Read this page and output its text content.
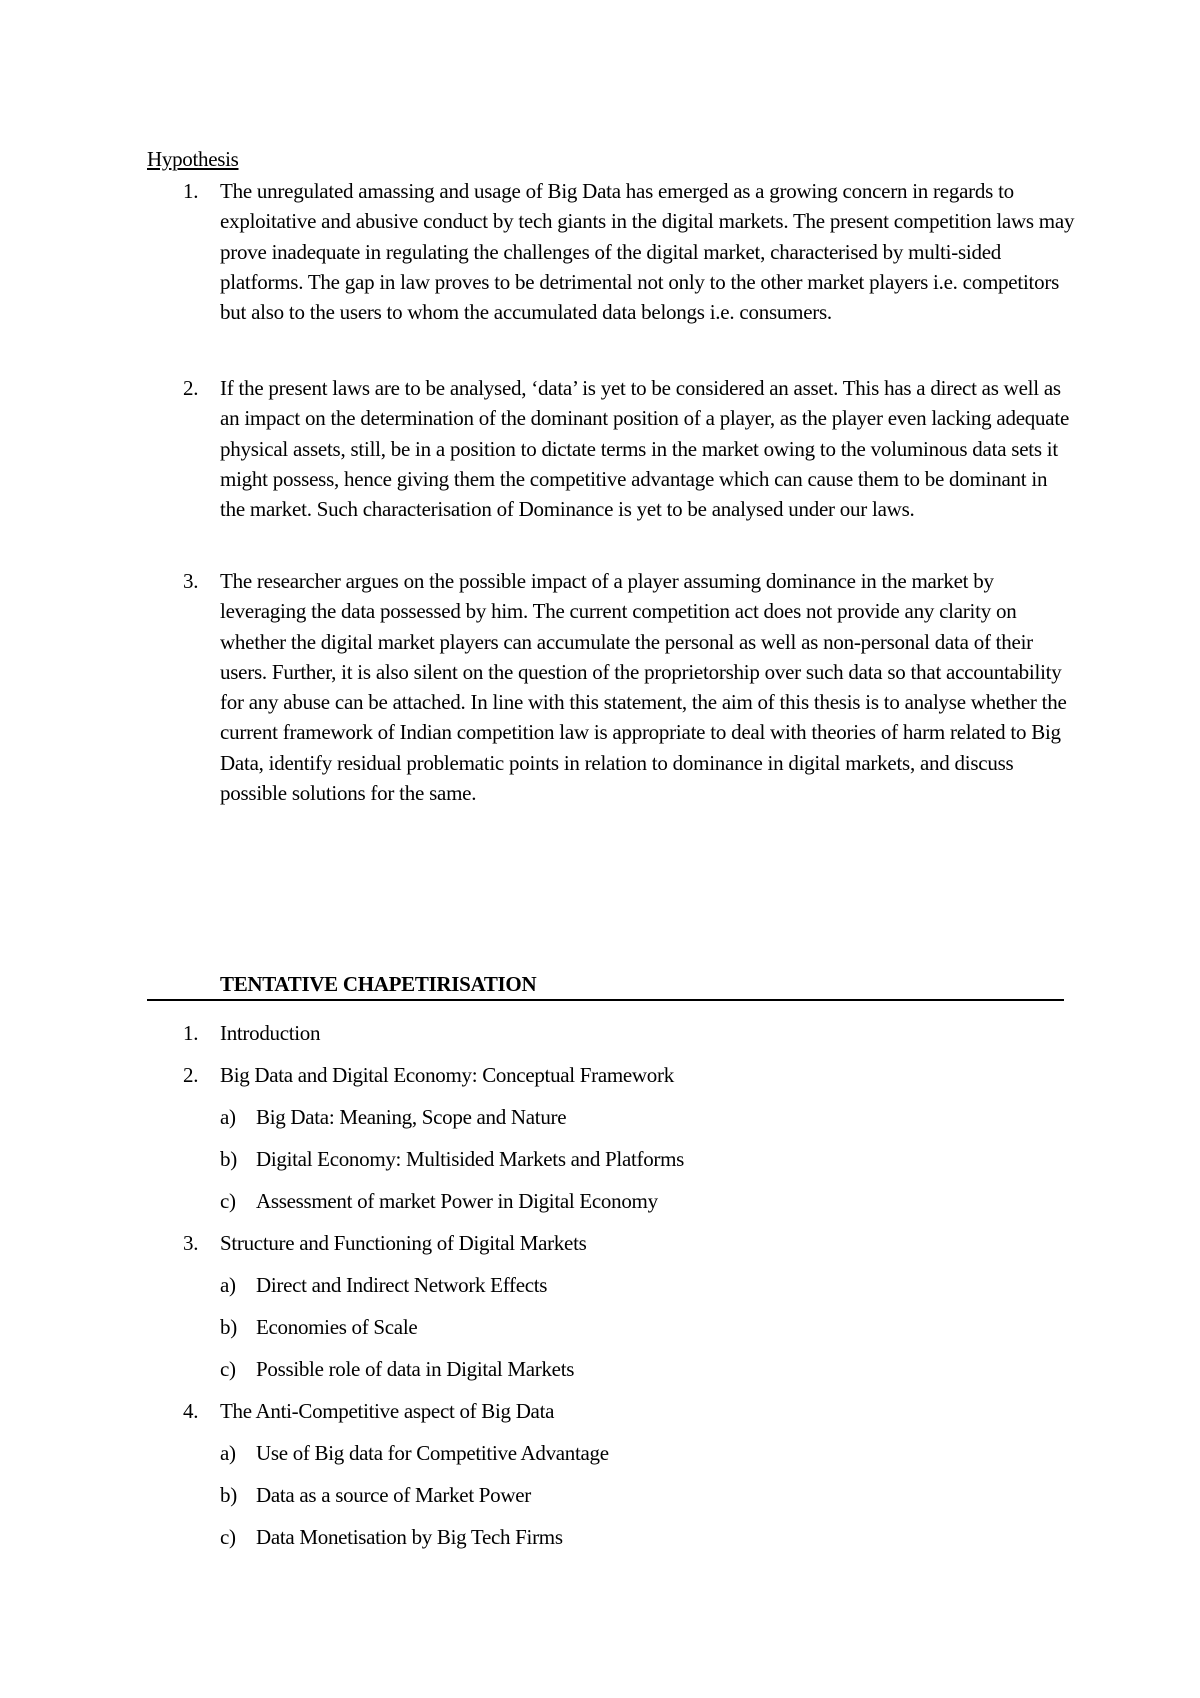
Hypothesis
1.	The unregulated amassing and usage of Big Data has emerged as a growing concern in regards to exploitative and abusive conduct by tech giants in the digital markets. The present competition laws may prove inadequate in regulating the challenges of the digital market, characterised by multi-sided platforms. The gap in law proves to be detrimental not only to the other market players i.e. competitors but also to the users to whom the accumulated data belongs i.e. consumers.
2.	If the present laws are to be analysed, ‘data’ is yet to be considered an asset. This has a direct as well as an impact on the determination of the dominant position of a player, as the player even lacking adequate physical assets, still, be in a position to dictate terms in the market owing to the voluminous data sets it might possess, hence giving them the competitive advantage which can cause them to be dominant in the market. Such characterisation of Dominance is yet to be analysed under our laws.
3.	The researcher argues on the possible impact of a player assuming dominance in the market by leveraging the data possessed by him. The current competition act does not provide any clarity on whether the digital market players can accumulate the personal as well as non-personal data of their users. Further, it is also silent on the question of the proprietorship over such data so that accountability for any abuse can be attached. In line with this statement, the aim of this thesis is to analyse whether the current framework of Indian competition law is appropriate to deal with theories of harm related to Big Data, identify residual problematic points in relation to dominance in digital markets, and discuss possible solutions for the same.
TENTATIVE CHAPETIRISATION
1. Introduction
2. Big Data and Digital Economy: Conceptual Framework
a) Big Data: Meaning, Scope and Nature
b) Digital Economy: Multisided Markets and Platforms
c) Assessment of market Power in Digital Economy
3. Structure and Functioning of Digital Markets
a) Direct and Indirect Network Effects
b) Economies of Scale
c) Possible role of data in Digital Markets
4. The Anti-Competitive aspect of Big Data
a) Use of Big data for Competitive Advantage
b) Data as a source of Market Power
c) Data Monetisation by Big Tech Firms
